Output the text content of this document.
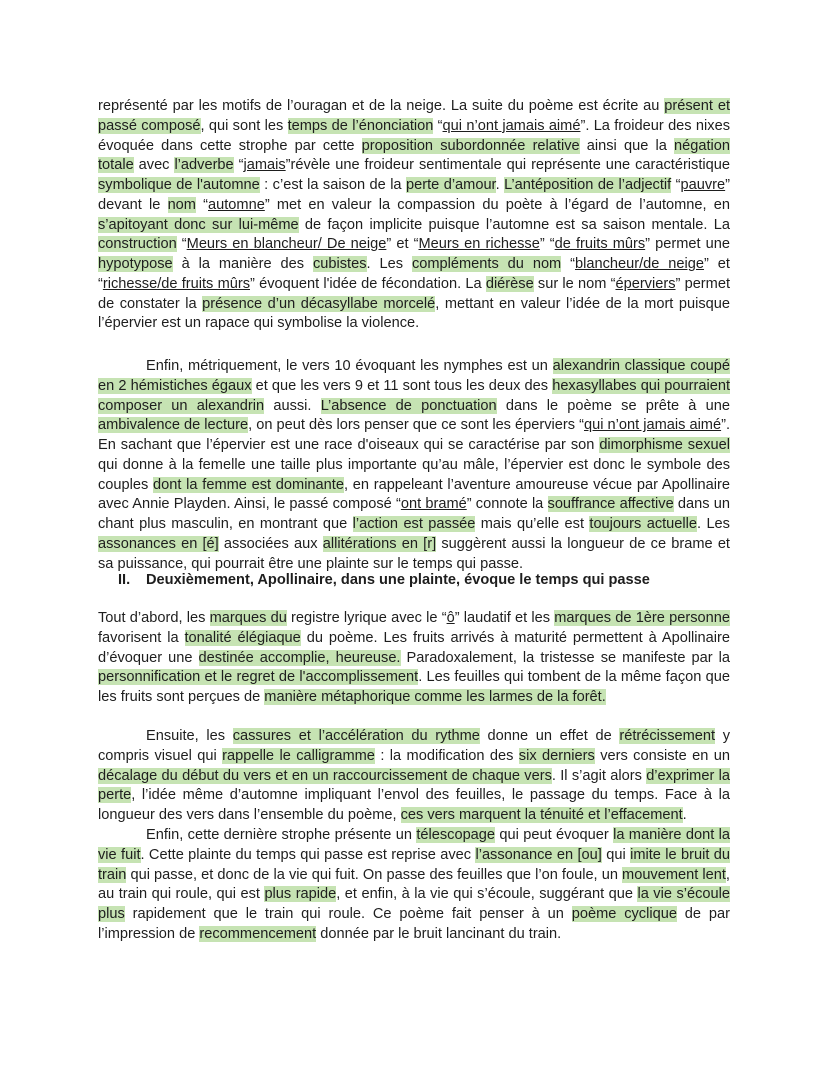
représenté par les motifs de l’ouragan et de la neige. La suite du poème est écrite au présent et passé composé, qui sont les temps de l’énonciation “qui n’ont jamais aimé”. La froideur des nixes évoquée dans cette strophe par cette proposition subordonnée relative ainsi que la négation totale avec l’adverbe “jamais”révèle une froideur sentimentale qui représente une caractéristique symbolique de l'automne : c’est la saison de la perte d’amour. L’antéposition de l’adjectif “pauvre” devant le nom “automne” met en valeur la compassion du poète à l’égard de l’automne, en s’apitoyant donc sur lui-même de façon implicite puisque l’automne est sa saison mentale. La construction “Meurs en blancheur/ De neige” et “Meurs en richesse” “de fruits mûrs” permet une hypotypose à la manière des cubistes. Les compléments du nom “blancheur/de neige” et “richesse/de fruits mûrs” évoquent l'idée de fécondation. La diérèse sur le nom “éperviers” permet de constater la présence d’un décasyllabe morcelé, mettant en valeur l’idée de la mort puisque l’épervier est un rapace qui symbolise la violence.

Enfin, métriquement, le vers 10 évoquant les nymphes est un alexandrin classique coupé en 2 hémistiches égaux et que les vers 9 et 11 sont tous les deux des hexasyllabes qui pourraient composer un alexandrin aussi. L’absence de ponctuation dans le poème se prête à une ambivalence de lecture, on peut dès lors penser que ce sont les éperviers “qui n’ont jamais aimé”. En sachant que l’épervier est une race d'oiseaux qui se caractérise par son dimorphisme sexuel qui donne à la femelle une taille plus importante qu’au mâle, l’épervier est donc le symbole des couples dont la femme est dominante, en rappeleant l’aventure amoureuse vécue par Apollinaire avec Annie Playden. Ainsi, le passé composé “ont bramé” connote la souffrance affective dans un chant plus masculin, en montrant que l’action est passée mais qu’elle est toujours actuelle. Les assonances en [é] associées aux allitérations en [r] suggèrent aussi la longueur de ce brame et sa puissance, qui pourrait être une plainte sur le temps qui passe.

II. Deuxièmement, Apollinaire, dans une plainte, évoque le temps qui passe

Tout d’abord, les marques du registre lyrique avec le “ô” laudatif et les marques de 1ère personne favorisent la tonalité élégiaque du poème. Les fruits arrivés à maturité permettent à Apollinaire d’évoquer une destinée accomplie, heureuse. Paradoxalement, la tristesse se manifeste par la personnification et le regret de l'accomplissement. Les feuilles qui tombent de la même façon que les fruits sont perçues de manière métaphorique comme les larmes de la forêt.

Ensuite, les cassures et l’accélération du rythme donne un effet de rétrécissement y compris visuel qui rappelle le calligramme : la modification des six derniers vers consiste en un décalage du début du vers et en un raccourcissement de chaque vers. Il s’agit alors d’exprimer la perte, l’idée même d’automne impliquant l’envol des feuilles, le passage du temps. Face à la longueur des vers dans l’ensemble du poème, ces vers marquent la ténuité et l’effacement.

Enfin, cette dernière strophe présente un télescopage qui peut évoquer la manière dont la vie fuit. Cette plainte du temps qui passe est reprise avec l’assonance en [ou] qui imite le bruit du train qui passe, et donc de la vie qui fuit. On passe des feuilles que l’on foule, un mouvement lent, au train qui roule, qui est plus rapide, et enfin, à la vie qui s’écoule, suggérant que la vie s’écoule plus rapidement que le train qui roule. Ce poème fait penser à un poème cyclique de par l’impression de recommencement donnée par le bruit lancinant du train.
